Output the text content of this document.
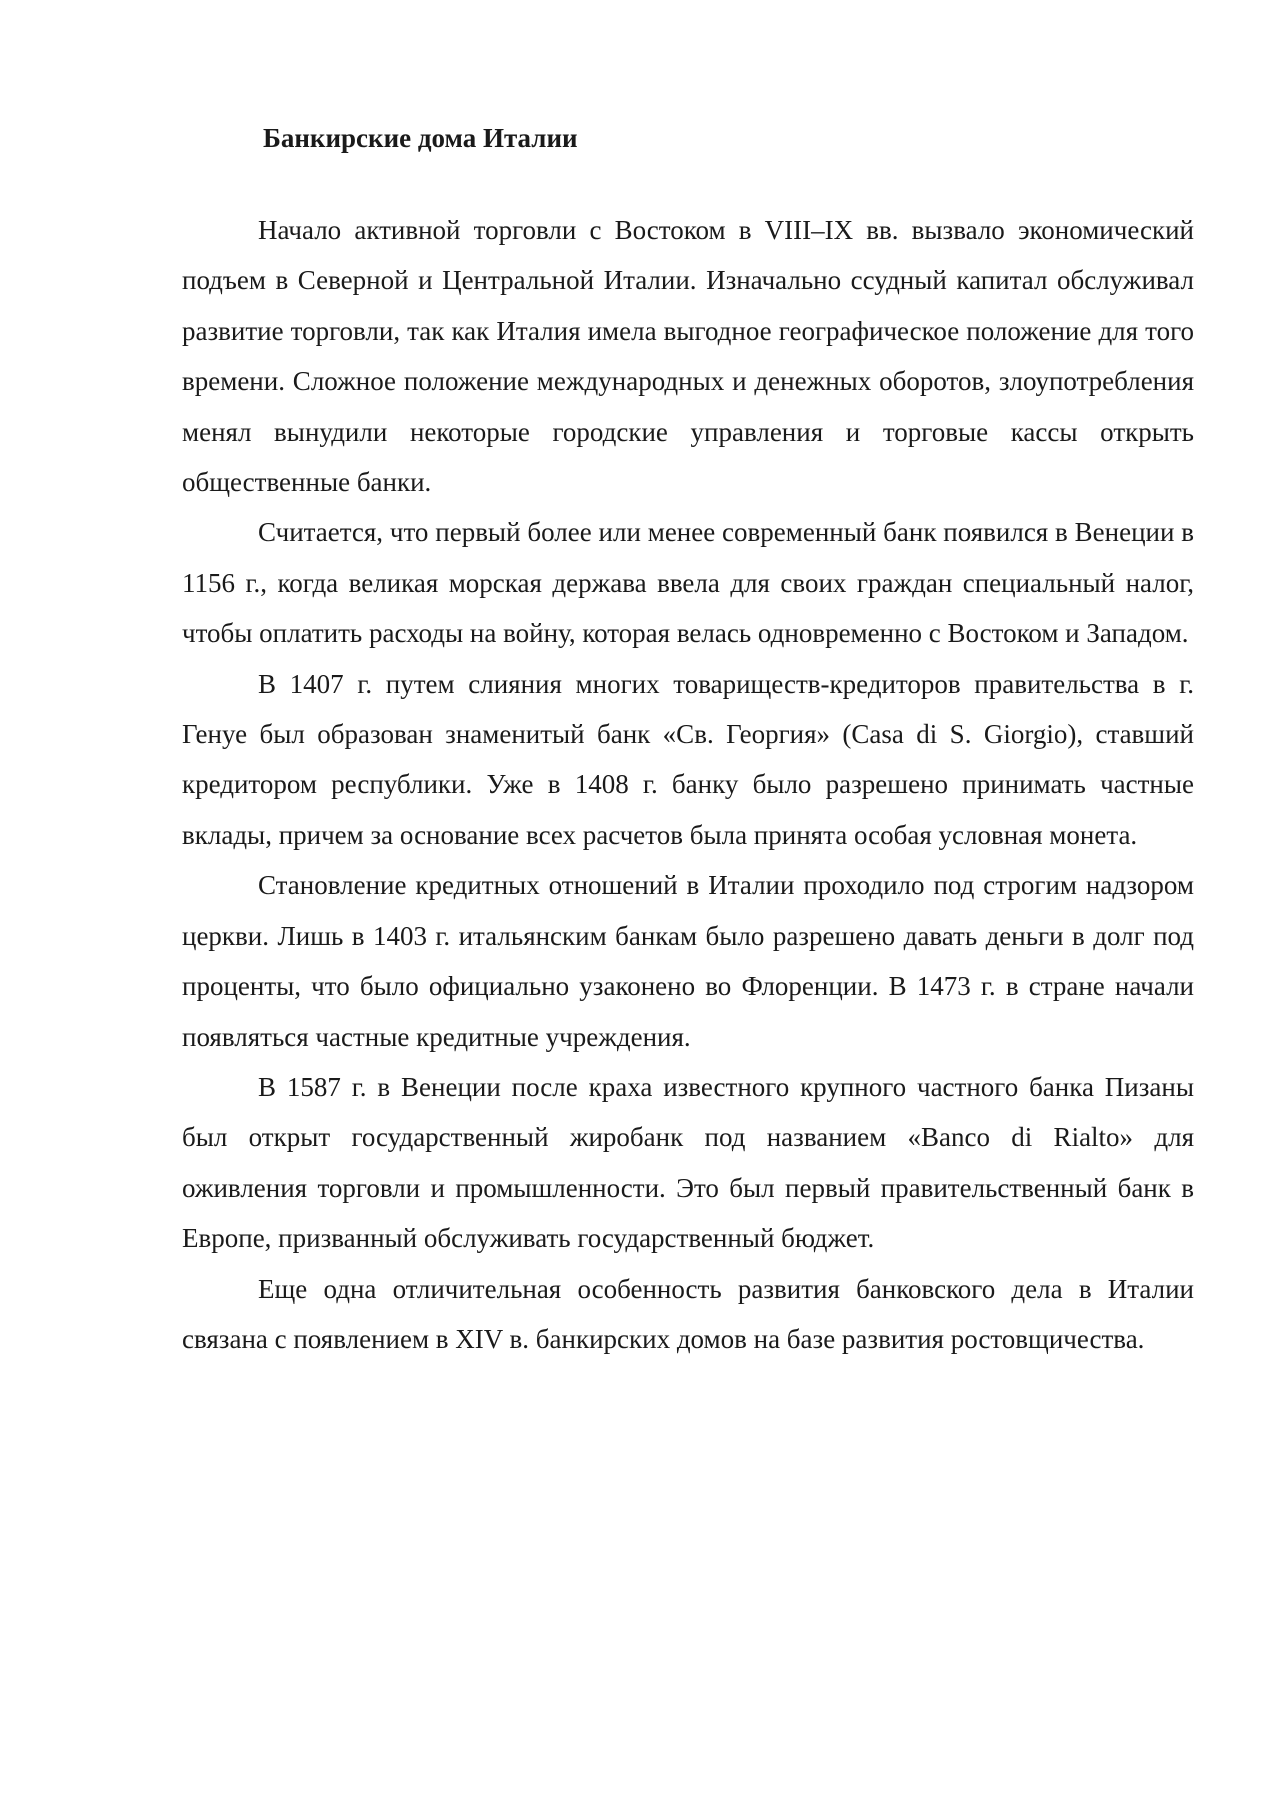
Банкирские дома Италии

Начало активной торговли с Востоком в VIII–IX вв. вызвало экономический подъем в Северной и Центральной Италии. Изначально ссудный капитал обслуживал развитие торговли, так как Италия имела выгодное географическое положение для того времени. Сложное положение международных и денежных оборотов, злоупотребления менял вынудили некоторые городские управления и торговые кассы открыть общественные банки.

Считается, что первый более или менее современный банк появился в Венеции в 1156 г., когда великая морская держава ввела для своих граждан специальный налог, чтобы оплатить расходы на войну, которая велась одновременно с Востоком и Западом.

В 1407 г. путем слияния многих товариществ-кредиторов правительства в г. Генуе был образован знаменитый банк «Св. Георгия» (Casa di S. Giorgio), ставший кредитором республики. Уже в 1408 г. банку было разрешено принимать частные вклады, причем за основание всех расчетов была принята особая условная монета.

Становление кредитных отношений в Италии проходило под строгим надзором церкви. Лишь в 1403 г. итальянским банкам было разрешено давать деньги в долг под проценты, что было официально узаконено во Флоренции. В 1473 г. в стране начали появляться частные кредитные учреждения.

В 1587 г. в Венеции после краха известного крупного частного банка Пизаны был открыт государственный жиробанк под названием «Banco di Rialto» для оживления торговли и промышленности. Это был первый правительственный банк в Европе, призванный обслуживать государственный бюджет.

Еще одна отличительная особенность развития банковского дела в Италии связана с появлением в XIV в. банкирских домов на базе развития ростовщичества.
